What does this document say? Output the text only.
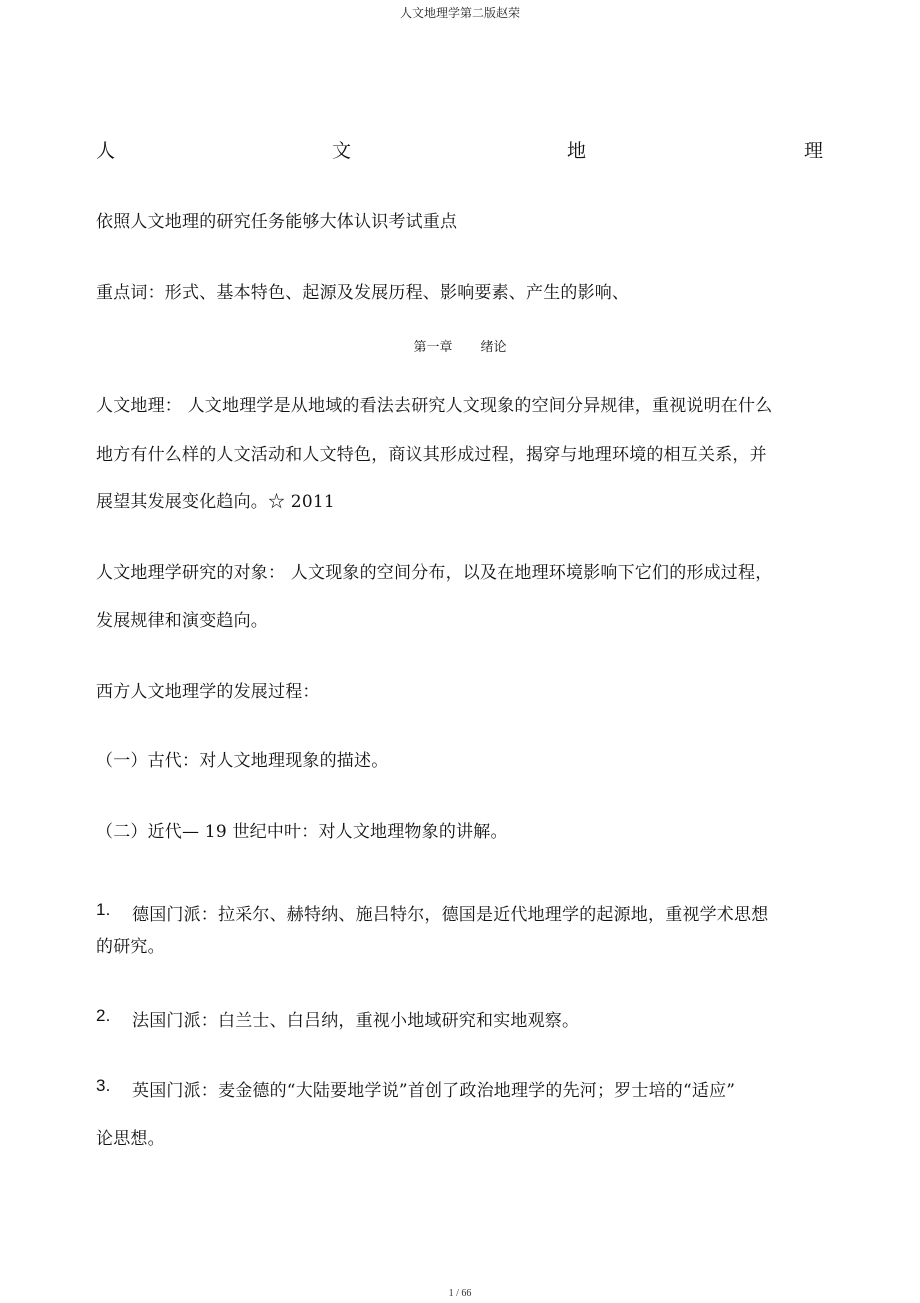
人文地理学第二版赵荣
人	文	地	理
依照人文地理的研究任务能够大体认识考试重点
重点词：形式、基本特色、起源及发展历程、影响要素、产生的影响、
第一章 绪论
人文地理： 人文地理学是从地域的看法去研究人文现象的空间分异规律，重视说明在什么
地方有什么样的人文活动和人文特色，商议其形成过程，揭穿与地理环境的相互关系，并
展望其发展变化趋向。☆ 2011
人文地理学研究的对象： 人文现象的空间分布，以及在地理环境影响下它们的形成过程，
发展规律和演变趋向。
西方人文地理学的发展过程：
（一）古代：对人文地理现象的描述。
（二）近代— 19 世纪中叶：对人文地理物象的讲解。
1. 德国门派：拉采尔、赫特纳、施吕特尔，德国是近代地理学的起源地，重视学术思想
的研究。
2. 法国门派：白兰士、白吕纳，重视小地域研究和实地观察。
3. 英国门派：麦金德的“大陆要地学说”首创了政治地理学的先河；罗士培的“适应”
论思想。
1 / 66
